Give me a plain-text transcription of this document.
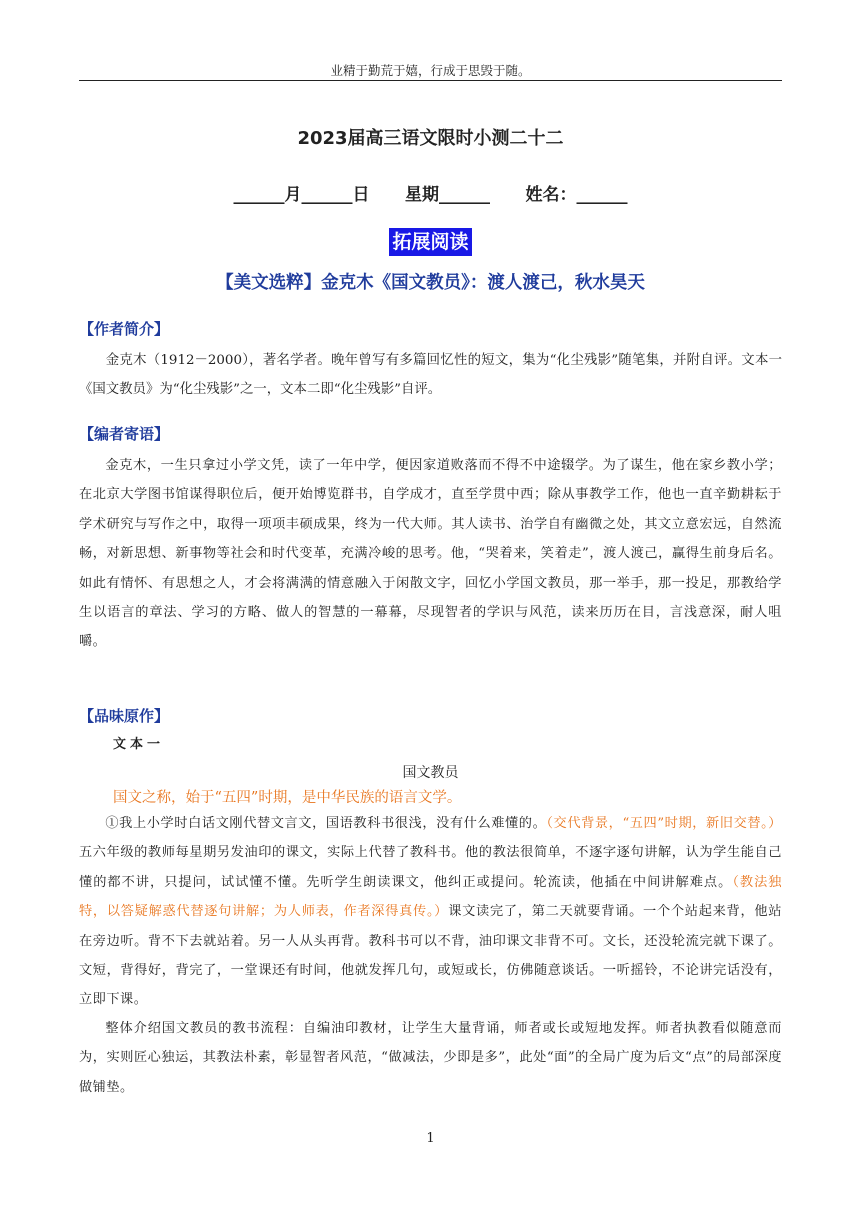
业精于勤荒于嬉，行成于思毁于随。
2023届高三语文限时小测二十二
______月______日      星期______      姓名：______
拓展阅读
【美文选粹】金克木《国文教员》：渡人渡己，秋水昊天
【作者简介】
金克木（1912－2000），著名学者。晚年曾写有多篇回忆性的短文，集为“化尘残影”随笔集，并附自评。文本一《国文教员》为“化尘残影”之一，文本二即“化尘残影”自评。
【编者寄语】
金克木，一生只拿过小学文凭，读了一年中学，便因家道败落而不得不中途辍学。为了谋生，他在家乡教小学；在北京大学图书馆谋得职位后，便开始博览群书，自学成才，直至学贯中西；除从事教学工作，他也一直辛勤耕耘于学术研究与写作之中，取得一项项丰硕成果，终为一代大师。其人读书、治学自有幽微之处，其文立意宏远，自然流畅，对新思想、新事物等社会和时代变革，充满冷峻的思考。他，“哭着来，笑着走”，渡人渡己，赢得生前身后名。如此有情怀、有思想之人，才会将满满的情意融入于闲散文字，回忆小学国文教员，那一举手，那一投足，那教给学生以语言的章法、学习的方略、做人的智慧的一幕幕，尽现智者的学识与风范，读来历历在目，言浅意深，耐人咀嚼。
【品味原作】
文本一
国文教员
国文之称，始于“五四”时期，是中华民族的语言文学。
①我上小学时白话文刚代替文言文，国语教科书很浅，没有什么难懂的。（交代背景，“五四”时期，新旧交替。）五六年级的教师每星期另发油印的课文，实际上代替了教科书。他的教法很简单，不逐字逐句讲解，认为学生能自己懂的都不讲，只提问，试试懂不懂。先听学生朗读课文，他纠正或提问。轮流读，他插在中间讲解难点。（教法独特，以答疑解惑代替逐句讲解；为人师表，作者深得真传。）课文读完了，第二天就要背诵。一个个站起来背，他站在旁边听。背不下去就站着。另一人从头再背。教科书可以不背，油印课文非背不可。文长，还没轮流完就下课了。文短，背得好，背完了，一堂课还有时间，他就发挥几句，或短或长，仿佛随意谈话。一听摇铃，不论讲完话没有，立即下课。
整体介绍国文教员的教书流程：自编油印教材，让学生大量背诵，师者或长或短地发挥。师者执教看似随意而为，实则匠心独运，其教法朴素，彰显智者风范，“做减法，少即是多”，此处“面”的全局广度为后文“点”的局部深度做铺垫。
1
